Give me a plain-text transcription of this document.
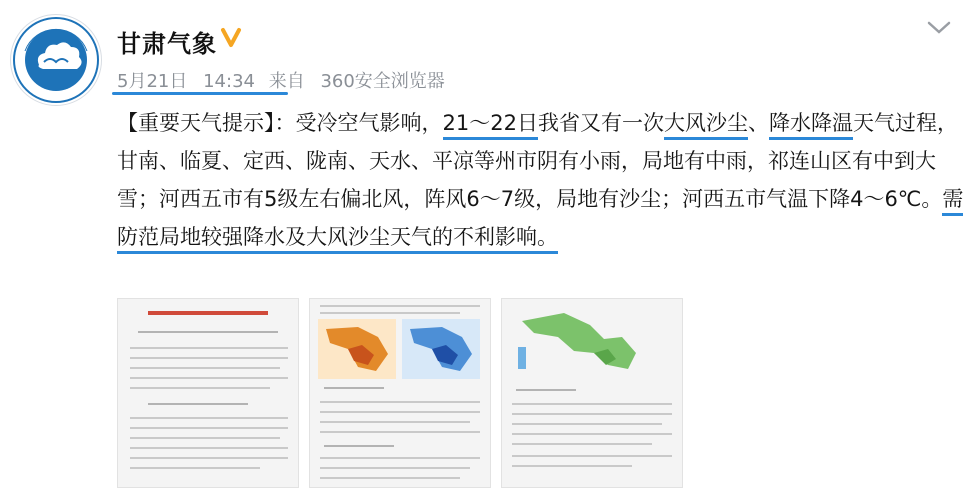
甘肃气象
5月21日 14:34 来自 360安全浏览器
【重要天气提示】：受冷空气影响，21～22日我省又有一次大风沙尘、降水降温天气过程，甘南、临夏、定西、陇南、天水、平凉等州市阴有小雨，局地有中雨，祁连山区有中到大雪；河西五市有5级左右偏北风，阵风6～7级，局地有沙尘；河西五市气温下降4～6℃。需防范局地较强降水及大风沙尘天气的不利影响。
